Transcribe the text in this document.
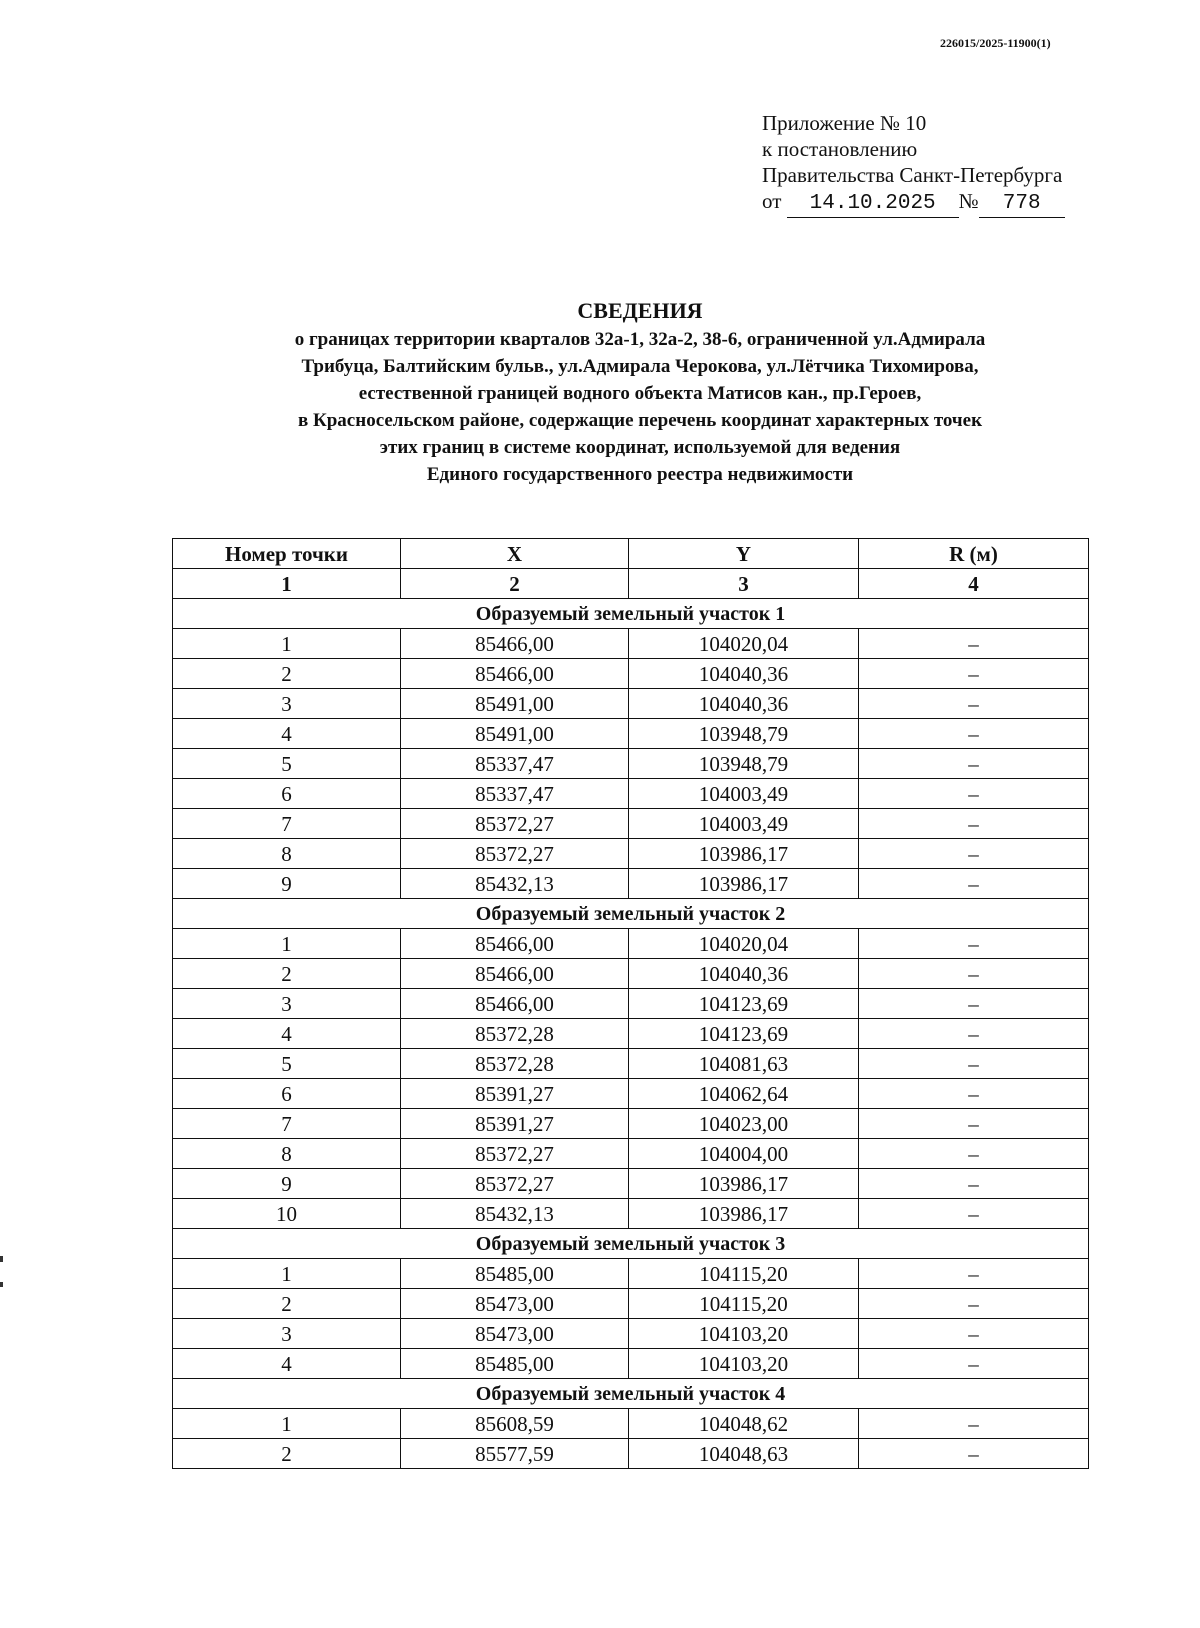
226015/2025-11900(1)
Приложение № 10
к постановлению
Правительства Санкт-Петербурга
от 14.10.2025 № 778
СВЕДЕНИЯ
о границах территории кварталов 32а-1, 32а-2, 38-6, ограниченной ул.Адмирала
Трибуца, Балтийским бульв., ул.Адмирала Черокова, ул.Лётчика Тихомирова,
естественной границей водного объекта Матисов кан., пр.Героев,
в Красносельском районе, содержащие перечень координат характерных точек
этих границ в системе координат, используемой для ведения
Единого государственного реестра недвижимости
Номер точки	X	Y	R (м)
1	2	3	4
Образуемый земельный участок 1			
1	85466,00	104020,04	–
2	85466,00	104040,36	–
3	85491,00	104040,36	–
4	85491,00	103948,79	–
5	85337,47	103948,79	–
6	85337,47	104003,49	–
7	85372,27	104003,49	–
8	85372,27	103986,17	–
9	85432,13	103986,17	–
Образуемый земельный участок 2			
1	85466,00	104020,04	–
2	85466,00	104040,36	–
3	85466,00	104123,69	–
4	85372,28	104123,69	–
5	85372,28	104081,63	–
6	85391,27	104062,64	–
7	85391,27	104023,00	–
8	85372,27	104004,00	–
9	85372,27	103986,17	–
10	85432,13	103986,17	–
Образуемый земельный участок 3			
1	85485,00	104115,20	–
2	85473,00	104115,20	–
3	85473,00	104103,20	–
4	85485,00	104103,20	–
Образуемый земельный участок 4			
1	85608,59	104048,62	–
2	85577,59	104048,63	–
